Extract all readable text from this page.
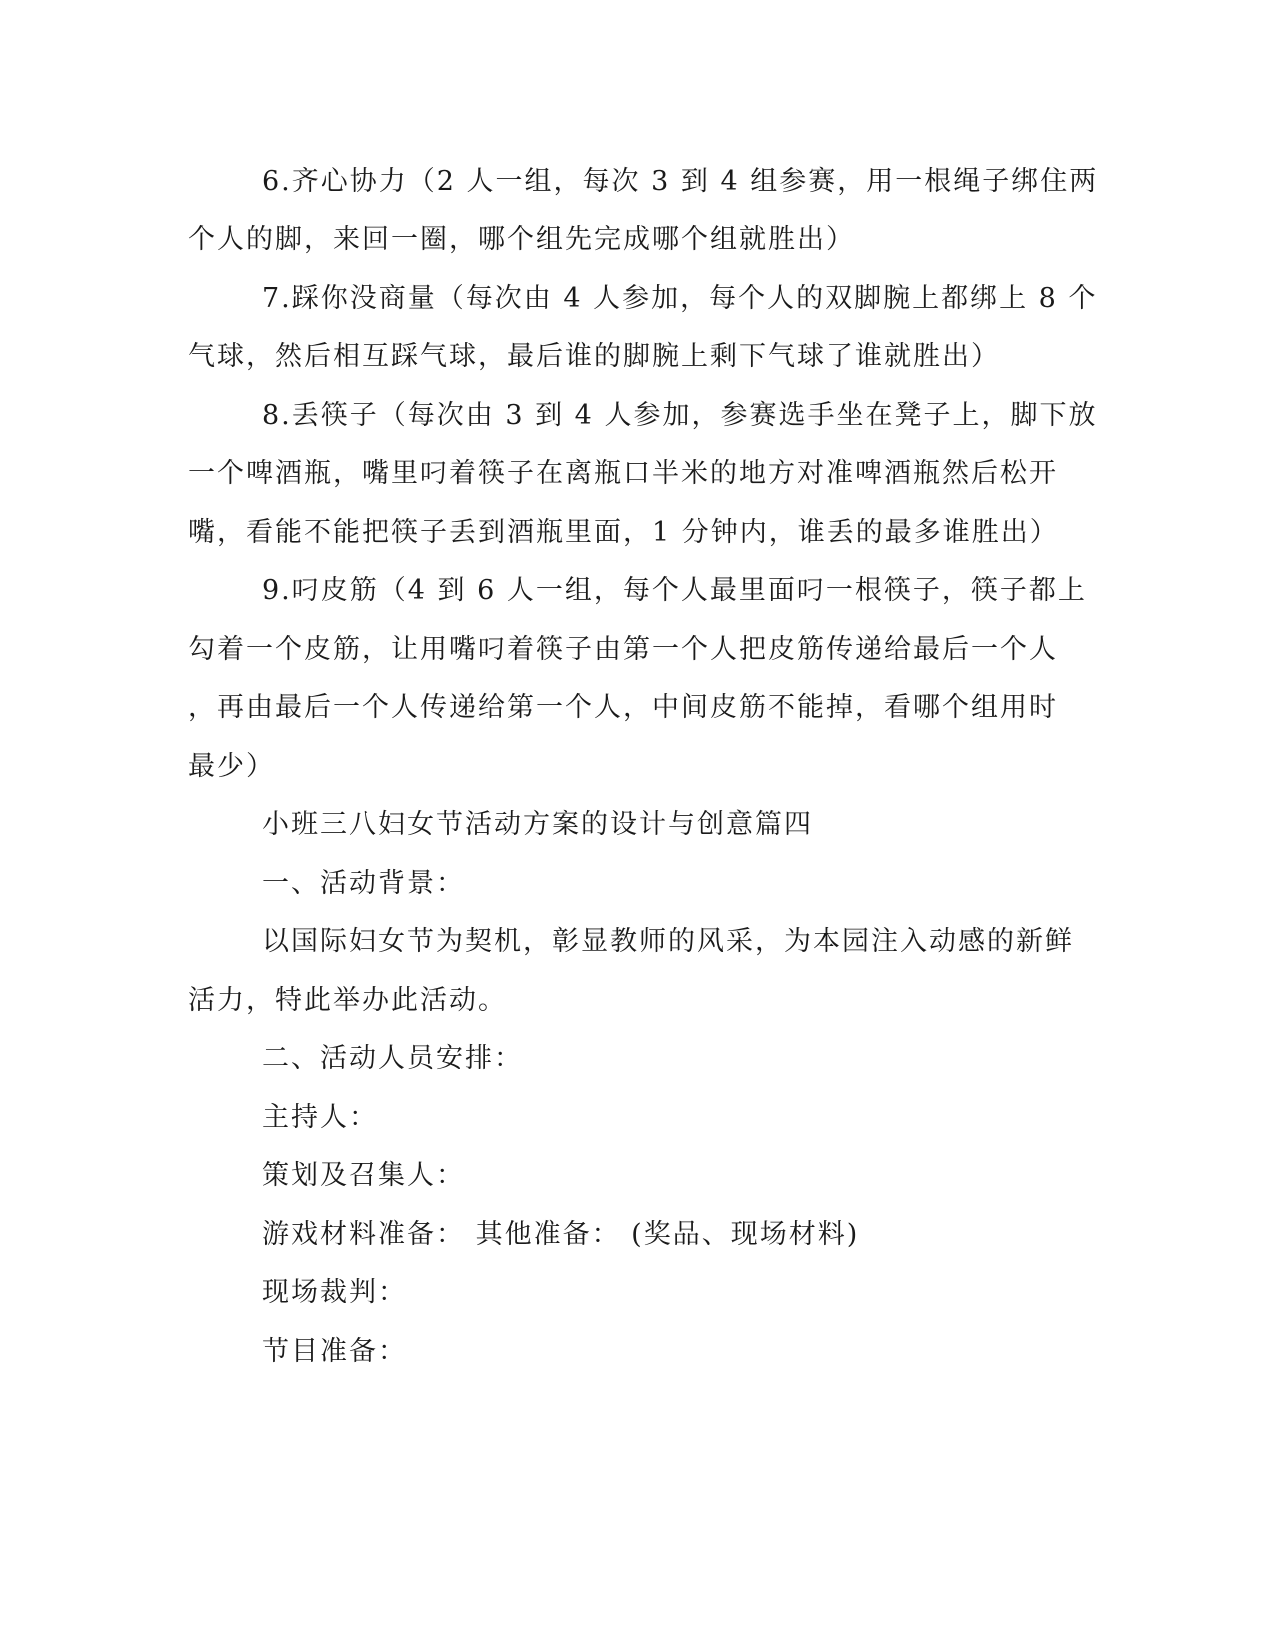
6.齐心协力（2 人一组，每次 3 到 4 组参赛，用一根绳子绑住两
个人的脚，来回一圈，哪个组先完成哪个组就胜出）
7.踩你没商量（每次由 4 人参加，每个人的双脚腕上都绑上 8 个
气球，然后相互踩气球，最后谁的脚腕上剩下气球了谁就胜出）
8.丢筷子（每次由 3 到 4 人参加，参赛选手坐在凳子上，脚下放
一个啤酒瓶，嘴里叼着筷子在离瓶口半米的地方对准啤酒瓶然后松开
嘴，看能不能把筷子丢到酒瓶里面，1 分钟内，谁丢的最多谁胜出）
9.叼皮筋（4 到 6 人一组，每个人最里面叼一根筷子，筷子都上
勾着一个皮筋，让用嘴叼着筷子由第一个人把皮筋传递给最后一个人
，再由最后一个人传递给第一个人，中间皮筋不能掉，看哪个组用时
最少）
小班三八妇女节活动方案的设计与创意篇四
一、活动背景：
以国际妇女节为契机，彰显教师的风采，为本园注入动感的新鲜
活力，特此举办此活动。
二、活动人员安排：
主持人：
策划及召集人：
游戏材料准备： 其他准备： (奖品、现场材料)
现场裁判：
节目准备：
